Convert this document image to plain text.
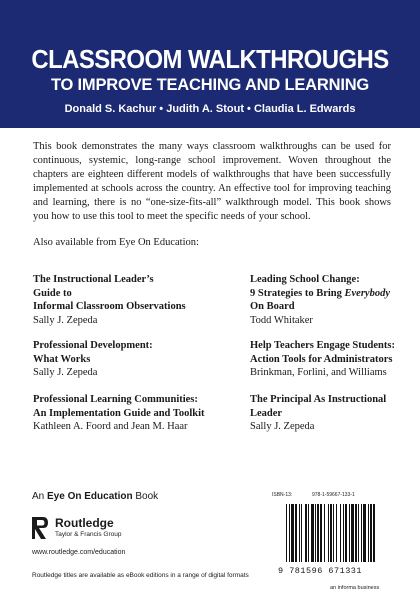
CLASSROOM WALKTHROUGHS
TO IMPROVE TEACHING AND LEARNING
Donald S. Kachur • Judith A. Stout • Claudia L. Edwards

This book demonstrates the many ways classroom walkthroughs can be used for continuous, systemic, long-range school improvement. Woven throughout the chapters are eighteen different models of walkthroughs that have been successfully implemented at schools across the country. An effective tool for improving teaching and learning, there is no “one-size-fits-all” walkthrough model. This book shows you how to use this tool to meet the specific needs of your school.

Also available from Eye On Education:
The Instructional Leader’s
Guide to
Informal Classroom Observations
Sally J. Zepeda
Professional Development:
What Works
Sally J. Zepeda
Professional Learning Communities:
An Implementation Guide and Toolkit
Kathleen A. Foord and Jean M. Haar
Leading School Change:
9 Strategies to Bring Everybody
On Board
Todd Whitaker
Help Teachers Engage Students:
Action Tools for Administrators
Brinkman, Forlini, and Williams
The Principal As Instructional
Leader
Sally J. Zepeda
An Eye On Education Book
Routledge
Taylor & Francis Group
www.routledge.com/education
Routledge titles are available as eBook editions in a range of digital formats
ISBN-13:	978-1-59667-133-1
9 781596 671331
an informa business
